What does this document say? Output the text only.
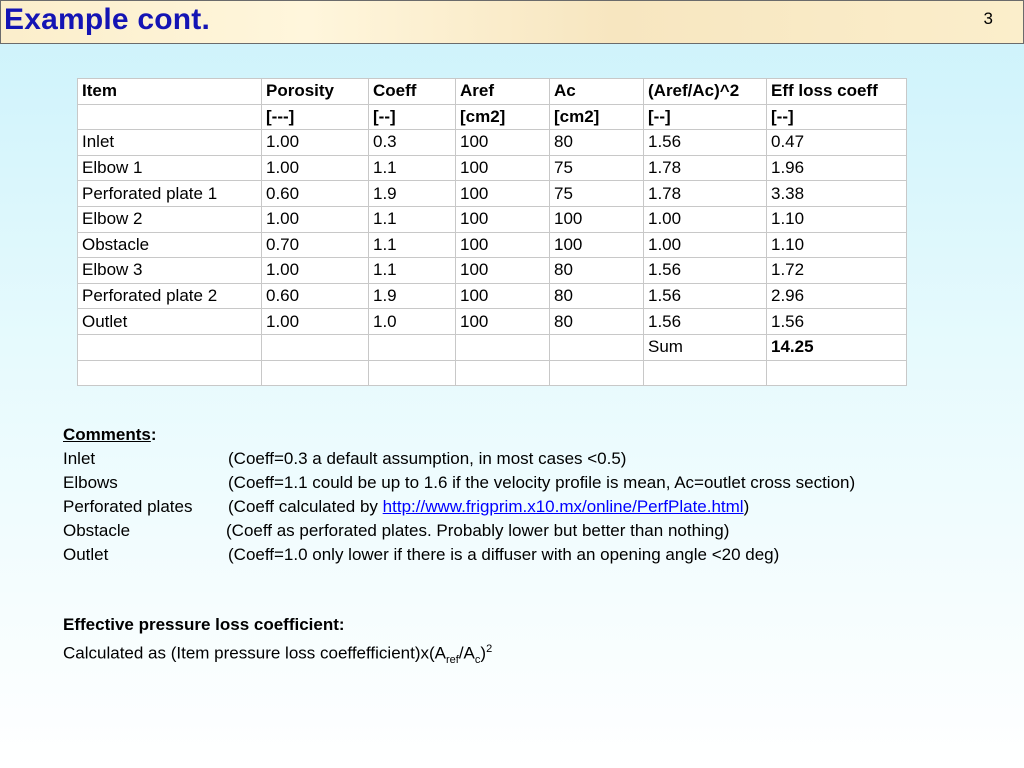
Example cont.	3
Item	Porosity	Coeff	Aref	Ac	(Aref/Ac)^2	Eff loss coeff
	[---]	[--]	[cm2]	[cm2]	[--]	[--]
Inlet	1.00	0.3	100	80	1.56	0.47
Elbow 1	1.00	1.1	100	75	1.78	1.96
Perforated plate 1	0.60	1.9	100	75	1.78	3.38
Elbow 2	1.00	1.1	100	100	1.00	1.10
Obstacle	0.70	1.1	100	100	1.00	1.10
Elbow 3	1.00	1.1	100	80	1.56	1.72
Perforated plate 2	0.60	1.9	100	80	1.56	2.96
Outlet	1.00	1.0	100	80	1.56	1.56
					Sum	14.25

Comments:
Inlet	(Coeff=0.3 a default assumption, in most cases <0.5)
Elbows	(Coeff=1.1 could be up to 1.6 if the velocity profile is mean, Ac=outlet cross section)
Perforated plates (Coeff calculated by http://www.frigprim.x10.mx/online/PerfPlate.html)
Obstacle	(Coeff as perforated plates. Probably lower but better than nothing)
Outlet	(Coeff=1.0 only lower if there is a diffuser with an opening angle <20 deg)
Effective pressure loss coefficient:
Calculated as (Item pressure loss $coeffefficient)x(A_{ref}/A_c)^2$
